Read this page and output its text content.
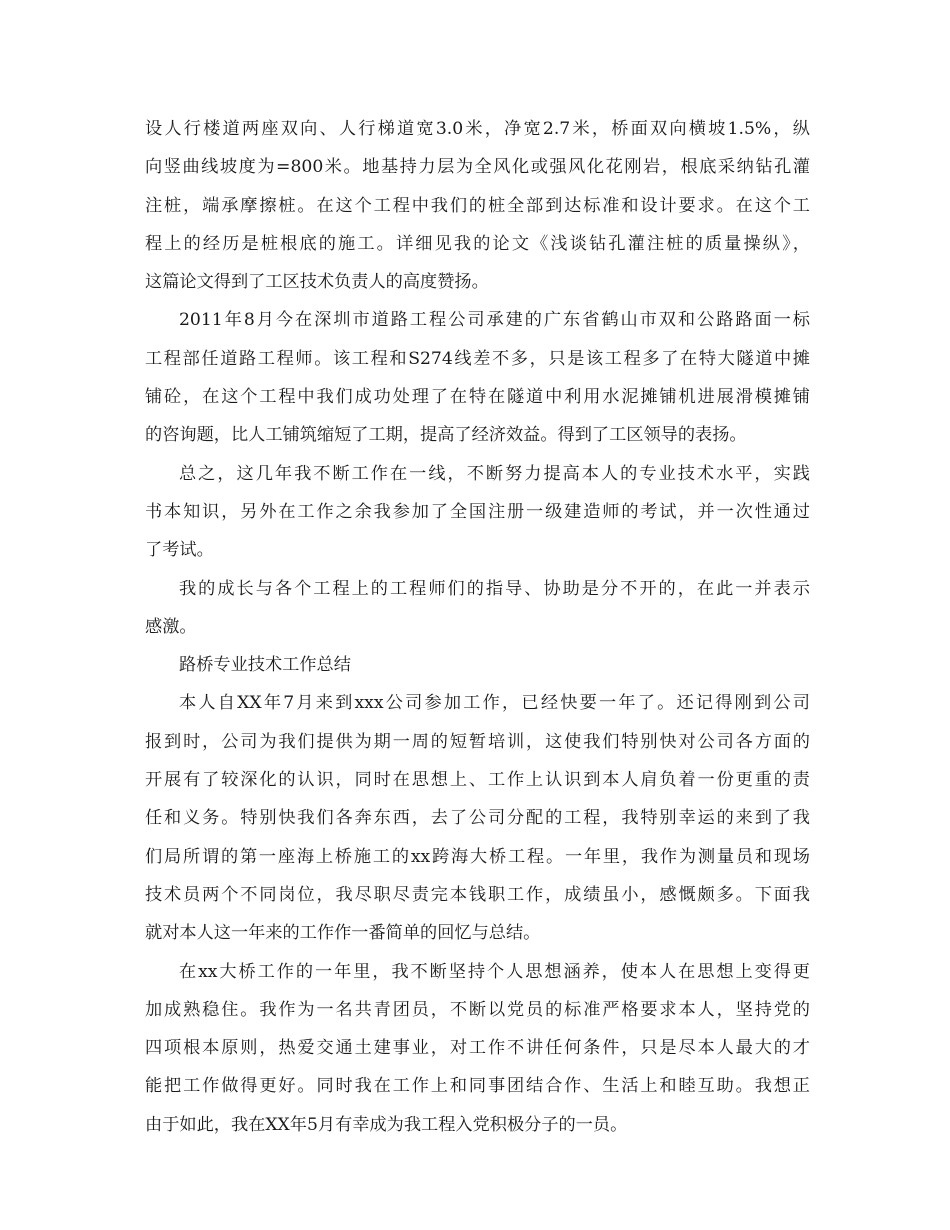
设人行楼道两座双向、人行梯道宽3.0米，净宽2.7米，桥面双向横坡1.5%，纵
向竖曲线坡度为=800米。地基持力层为全风化或强风化花刚岩，根底采纳钻孔灌
注桩，端承摩擦桩。在这个工程中我们的桩全部到达标准和设计要求。在这个工
程上的经历是桩根底的施工。详细见我的论文《浅谈钻孔灌注桩的质量操纵》，
这篇论文得到了工区技术负责人的高度赞扬。
2011年8月今在深圳市道路工程公司承建的广东省鹤山市双和公路路面一标
工程部任道路工程师。该工程和S274线差不多，只是该工程多了在特大隧道中摊
铺砼，在这个工程中我们成功处理了在特在隧道中利用水泥摊铺机进展滑模摊铺
的咨询题，比人工铺筑缩短了工期，提高了经济效益。得到了工区领导的表扬。
总之，这几年我不断工作在一线，不断努力提高本人的专业技术水平，实践
书本知识，另外在工作之余我参加了全国注册一级建造师的考试，并一次性通过
了考试。
我的成长与各个工程上的工程师们的指导、协助是分不开的，在此一并表示
感激。
路桥专业技术工作总结
本人自XX年7月来到xxx公司参加工作，已经快要一年了。还记得刚到公司
报到时，公司为我们提供为期一周的短暂培训，这使我们特别快对公司各方面的
开展有了较深化的认识，同时在思想上、工作上认识到本人肩负着一份更重的责
任和义务。特别快我们各奔东西，去了公司分配的工程，我特别幸运的来到了我
们局所谓的第一座海上桥施工的xx跨海大桥工程。一年里，我作为测量员和现场
技术员两个不同岗位，我尽职尽责完本钱职工作，成绩虽小，感慨颇多。下面我
就对本人这一年来的工作作一番简单的回忆与总结。
在xx大桥工作的一年里，我不断坚持个人思想涵养，使本人在思想上变得更
加成熟稳住。我作为一名共青团员，不断以党员的标准严格要求本人，坚持党的
四项根本原则，热爱交通土建事业，对工作不讲任何条件，只是尽本人最大的才
能把工作做得更好。同时我在工作上和同事团结合作、生活上和睦互助。我想正
由于如此，我在XX年5月有幸成为我工程入党积极分子的一员。
